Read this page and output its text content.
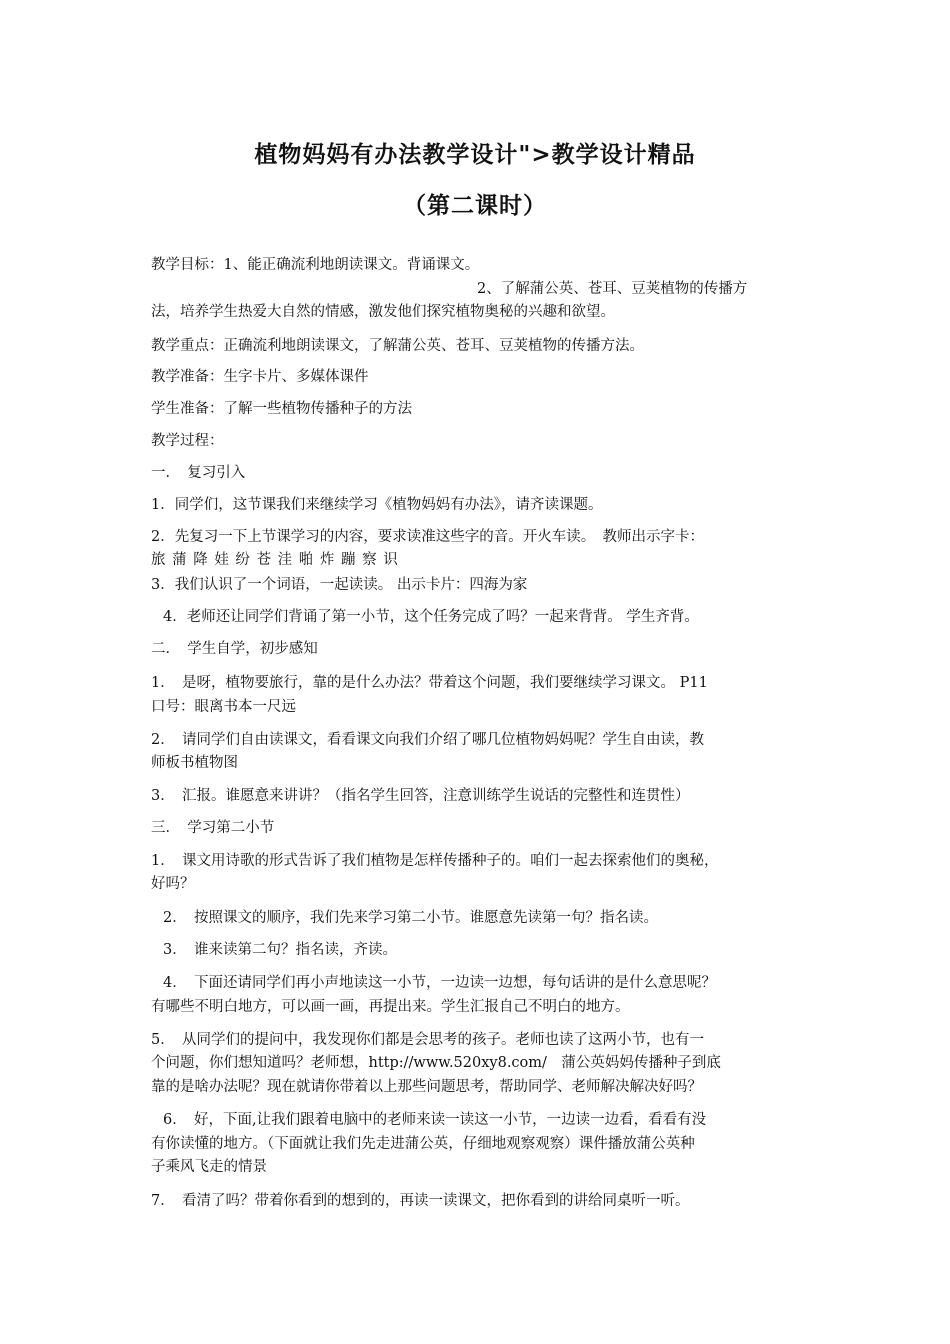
植物妈妈有办法教学设计">教学设计精品
（第二课时）
教学目标：1、能正确流利地朗读课文。背诵课文。
2、了解蒲公英、苍耳、豆荚植物的传播方
法，培养学生热爱大自然的情感，激发他们探究植物奥秘的兴趣和欲望。
教学重点：正确流利地朗读课文，了解蒲公英、苍耳、豆荚植物的传播方法。
教学准备：生字卡片、多媒体课件
学生准备：了解一些植物传播种子的方法
教学过程：
一．　复习引入
1．同学们，这节课我们来继续学习《植物妈妈有办法》，请齐读课题。
2．先复习一下上节课学习的内容，要求读准这些字的音。开火车读。　教师出示字卡：
旅 蒲 降 娃 纷 苍 洼 啪 炸 蹦 察 识
3．我们认识了一个词语，一起读读。 出示卡片：四海为家
4．老师还让同学们背诵了第一小节，这个任务完成了吗？一起来背背。 学生齐背。
二．　学生自学，初步感知
1．　是呀，植物要旅行，靠的是什么办法？带着这个问题，我们要继续学习课文。 P11
口号：眼离书本一尺远
2．　请同学们自由读课文，看看课文向我们介绍了哪几位植物妈妈呢？学生自由读，教
师板书植物图
3．　汇报。谁愿意来讲讲？（指名学生回答，注意训练学生说话的完整性和连贯性）
三．　学习第二小节
1．　课文用诗歌的形式告诉了我们植物是怎样传播种子的。咱们一起去探索他们的奥秘，
好吗？
2．　按照课文的顺序，我们先来学习第二小节。谁愿意先读第一句？指名读。
3．　谁来读第二句？指名读，齐读。
4．　下面还请同学们再小声地读这一小节，一边读一边想，每句话讲的是什么意思呢？
有哪些不明白地方，可以画一画，再提出来。学生汇报自己不明白的地方。
5．　从同学们的提问中，我发现你们都是会思考的孩子。老师也读了这两小节，也有一
个问题，你们想知道吗？老师想，http://www.520xy8.com/　蒲公英妈妈传播种子到底
靠的是啥办法呢？现在就请你带着以上那些问题思考，帮助同学、老师解决解决好吗？
6．　好，下面,让我们跟着电脑中的老师来读一读这一小节，一边读一边看，看看有没
有你读懂的地方。（下面就让我们先走进蒲公英，仔细地观察观察）课件播放蒲公英种
子乘风飞走的情景
7．　看清了吗？带着你看到的想到的，再读一读课文，把你看到的讲给同桌听一听。
